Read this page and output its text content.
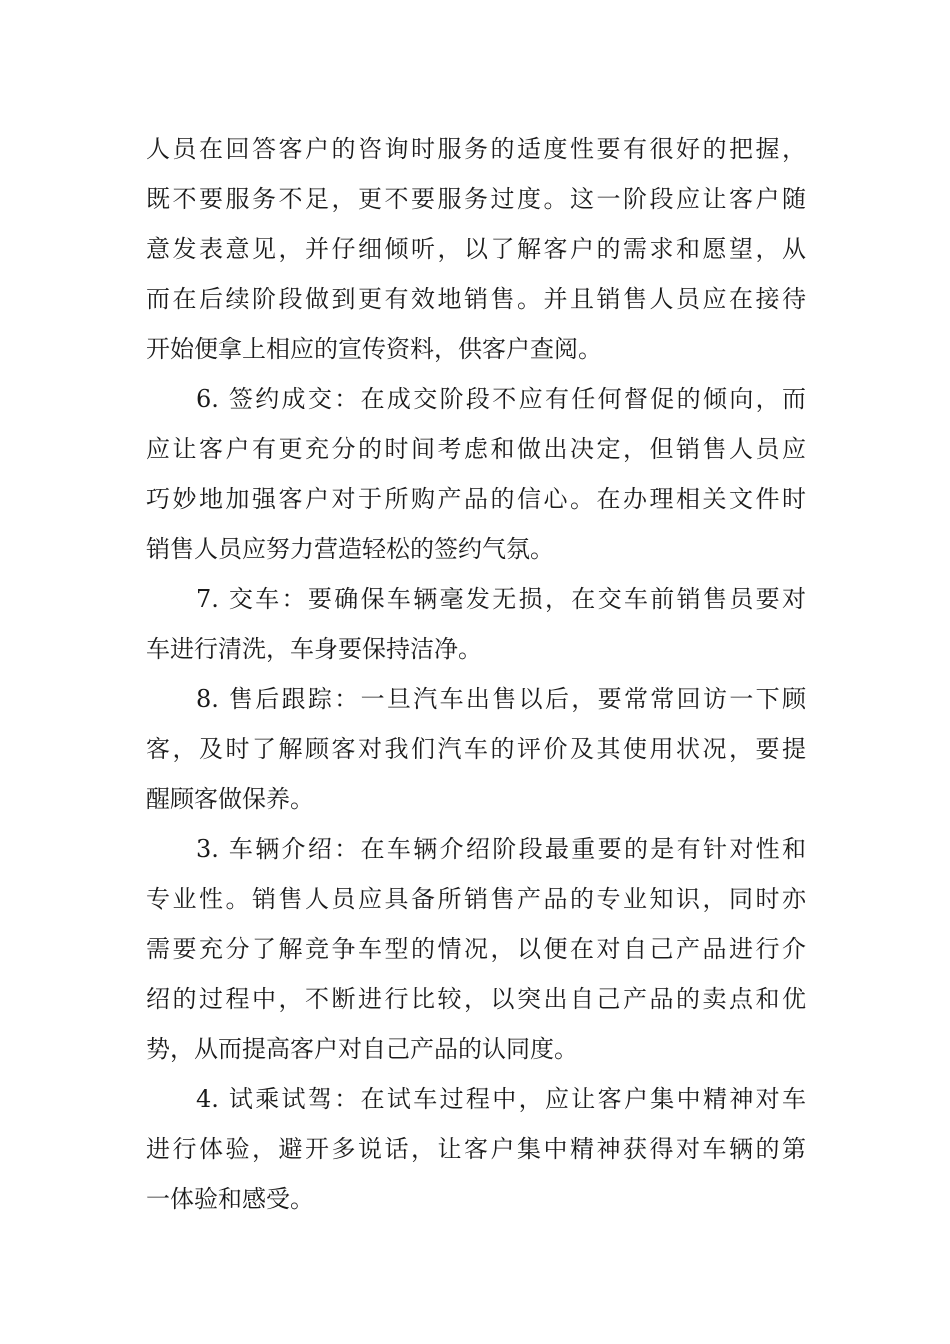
人员在回答客户的咨询时服务的适度性要有很好的把握，
既不要服务不足，更不要服务过度。这一阶段应让客户随
意发表意见，并仔细倾听，以了解客户的需求和愿望，从
而在后续阶段做到更有效地销售。并且销售人员应在接待
开始便拿上相应的宣传资料，供客户查阅。
6. 签约成交：在成交阶段不应有任何督促的倾向，而
应让客户有更充分的时间考虑和做出决定，但销售人员应
巧妙地加强客户对于所购产品的信心。在办理相关文件时
销售人员应努力营造轻松的签约气氛。
7. 交车：要确保车辆毫发无损，在交车前销售员要对
车进行清洗，车身要保持洁净。
8. 售后跟踪：一旦汽车出售以后，要常常回访一下顾
客，及时了解顾客对我们汽车的评价及其使用状况，要提
醒顾客做保养。
3. 车辆介绍：在车辆介绍阶段最重要的是有针对性和
专业性。销售人员应具备所销售产品的专业知识，同时亦
需要充分了解竞争车型的情况，以便在对自己产品进行介
绍的过程中，不断进行比较，以突出自己产品的卖点和优
势，从而提高客户对自己产品的认同度。
4. 试乘试驾：在试车过程中，应让客户集中精神对车
进行体验，避开多说话，让客户集中精神获得对车辆的第
一体验和感受。
